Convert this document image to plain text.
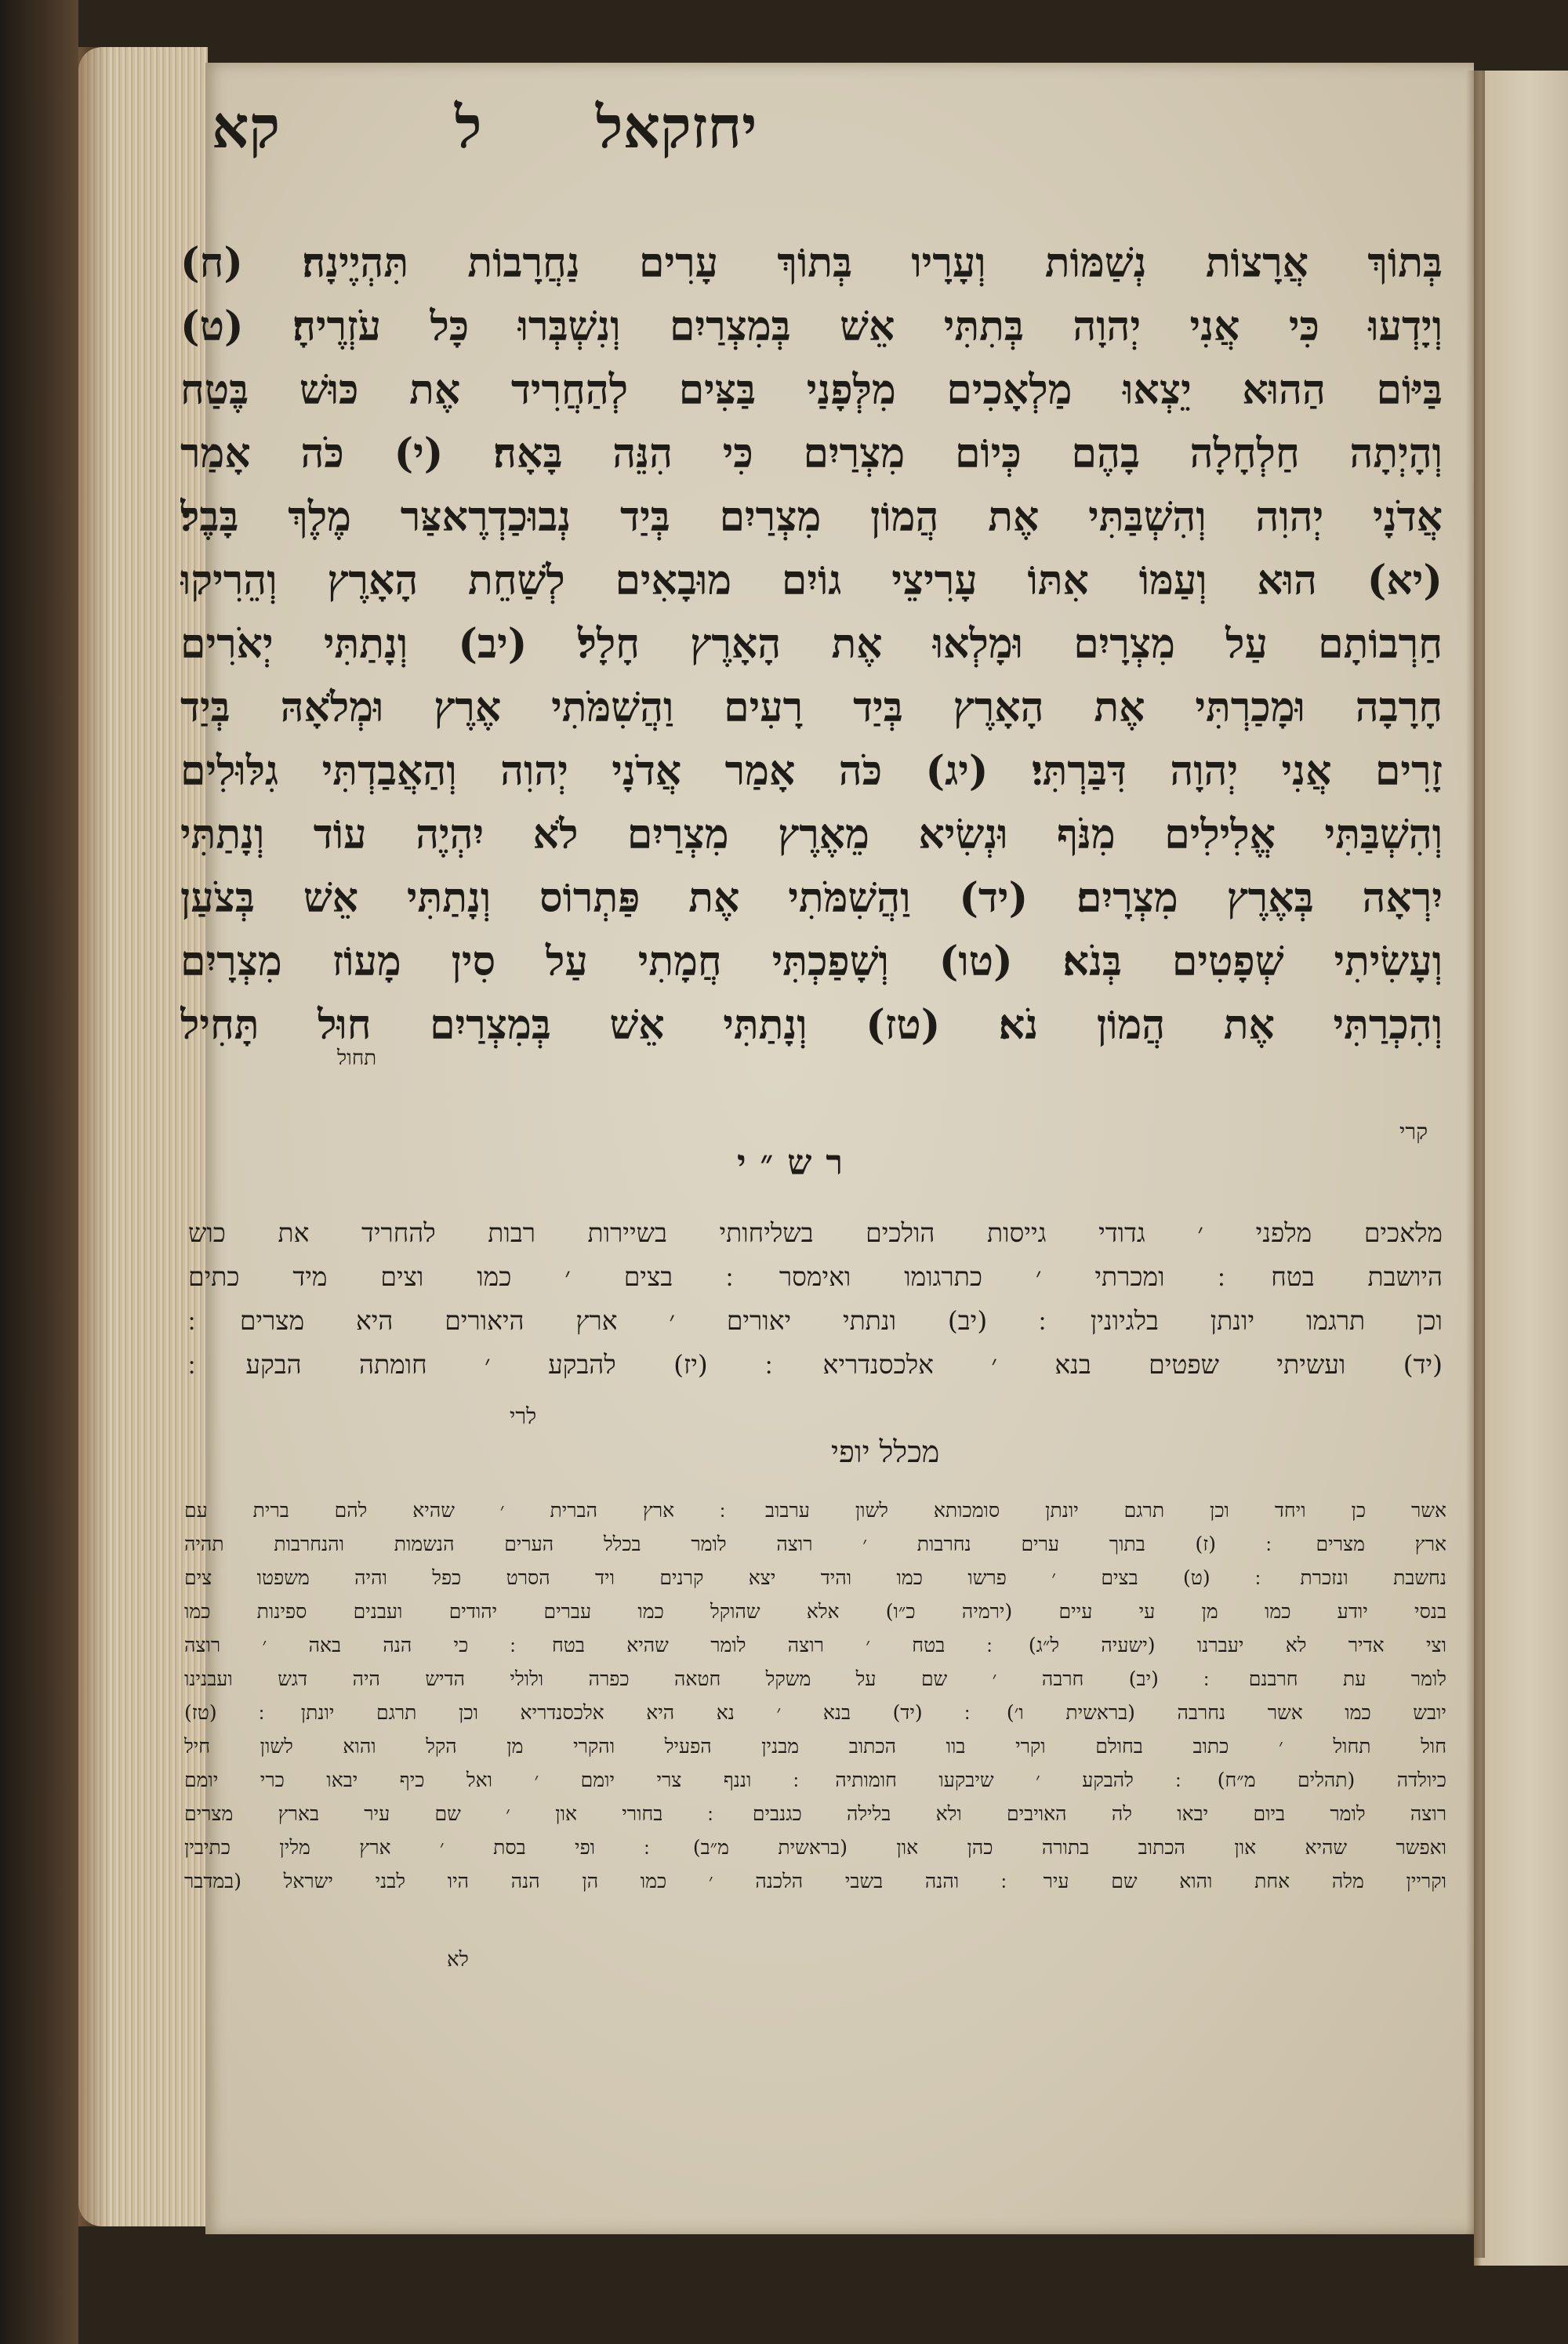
יחזקאל
ל
קא
בְּתוֹךְ אֲרָצוֹת נְשַׁמּוֹת וְעָרָיו בְּתוֹךְ עָרִים נַחֲרָבוֹת תִּהְיֶינָה׃ (ח)
וְיָדְעוּ כִּי אֲנִי יְהוָה בְּתִתִּי אֵשׁ בְּמִצְרַיִם וְנִשְׁבְּרוּ כָּל עֹזְרֶיהָ׃ (ט)
בַּיּוֹם הַהוּא יֵצְאוּ מַלְאָכִים מִלְּפָנַי בַּצִּים לְהַחֲרִיד אֶת כּוּשׁ בֶּטַח
וְהָיְתָה חַלְחָלָה בָהֶם כְּיוֹם מִצְרַיִם כִּי הִנֵּה בָּאָה׃ (י) כֹּה אָמַר
אֲדֹנָי יְהוִה וְהִשְׁבַּתִּי אֶת הֲמוֹן מִצְרַיִם בְּיַד נְבוּכַדְרֶאצַּר מֶלֶךְ בָּבֶל׃
(יא) הוּא וְעַמּוֹ אִתּוֹ עָרִיצֵי גוֹיִם מוּבָאִים לְשַׁחֵת הָאָרֶץ וְהֵרִיקוּ
חַרְבוֹתָם עַל מִצְרָיִם וּמָלְאוּ אֶת הָאָרֶץ חָלָל׃ (יב) וְנָתַתִּי יְאֹרִים
חָרָבָה וּמָכַרְתִּי אֶת הָאָרֶץ בְּיַד רָעִים וַהֲשִׁמֹּתִי אֶרֶץ וּמְלֹאָהּ בְּיַד
זָרִים אֲנִי יְהוָה דִּבַּרְתִּי׃ (יג) כֹּה אָמַר אֲדֹנָי יְהוִה וְהַאֲבַדְתִּי גִלּוּלִים
וְהִשְׁבַּתִּי אֱלִילִים מִנֹּף וּנְשִׂיא מֵאֶרֶץ מִצְרַיִם לֹא יִהְיֶה עוֹד וְנָתַתִּי
יִרְאָה בְּאֶרֶץ מִצְרָיִם׃ (יד) וַהֲשִׁמֹּתִי אֶת פַּתְרוֹס וְנָתַתִּי אֵשׁ בְּצֹעַן
וְעָשִׂיתִי שְׁפָטִים בְּנֹא׃ (טו) וְשָׁפַכְתִּי חֲמָתִי עַל סִין מָעוֹז מִצְרָיִם
וְהִכְרַתִּי אֶת הֲמוֹן נֹא׃ (טז) וְנָתַתִּי אֵשׁ בְּמִצְרַיִם חוּל תָּחִיל
תחול
קרי
רש״י
מלאכים מלפני ׳ גדודי גייסות הולכים בשליחותי בשיירות רבות להחריד את כוש
היושבת בטח ׃ ומכרתי ׳ כתרגומו ואימסר ׃ בצים ׳ כמו וצים מיד כתים
וכן תרגמו יונתן בלגיונין ׃ (יב) ונתתי יאורים ׳ ארץ היאורים היא מצרים ׃
(יד) ועשיתי שפטים בנא ׳ אלכסנדריא ׃ (יז) להבקע ׳ חומתה הבקע ׃
לרי
מכלל יופי
אשר כן ויחד וכן תרגם יונתן סומכותא לשון ערבוב ׃ ארץ הברית ׳ שהיא להם ברית עם
ארץ מצרים ׃ (ז) בתוך ערים נחרבות ׳ רוצה לומר בכלל הערים הנשמות והנחרבות תהיה
נחשבת ונזכרת ׃ (ט) בצים ׳ פרשו כמו והיד יצא קרנים ויד הסרט כפל והיה משפטו צים
בנסי יודע כמו מן עי עיים (ירמיה כ״ו) אלא שהוקל כמו עברים יהודים ועבנים ספינות כמו
וצי אדיר לא יעברנו (ישעיה ל״ג) ׃ בטח ׳ רוצה לומר שהיא בטח ׃ כי הנה באה ׳ רוצה
לומר עת חרבנם ׃ (יב) חרבה ׳ שם על משקל חטאה כפרה ולולי הדיש היה דגש ועבנינו
יובש כמו אשר נחרבה (בראשית ו׳) ׃ (יד) בנא ׳ נא היא אלכסנדריא וכן תרגם יונתן ׃ (טז)
חול תחול ׳ כתוב בחולם וקרי בוו הכתוב מבנין הפעיל והקרי מן הקל והוא לשון חיל
כיולדה (תהלים מ״ח) ׃ להבקע ׳ שיבקעו חומותיה ׃ וננף צרי יומם ׳ ואל כיף יבאו כרי יומם
רוצה לומר ביום יבאו לה האויבים ולא בלילה כגנבים ׃ בחורי און ׳ שם עיר בארץ מצרים
ואפשר שהיא און הכתוב בתורה כהן און (בראשית מ״ב) ׃ ופי בסת ׳ ארץ מלין כתיבין
וקריין מלה אחת והוא שם עיר ׃ והנה בשבי הלכנה ׳ כמו הן הנה היו לבני ישראל (במדבר
לא
